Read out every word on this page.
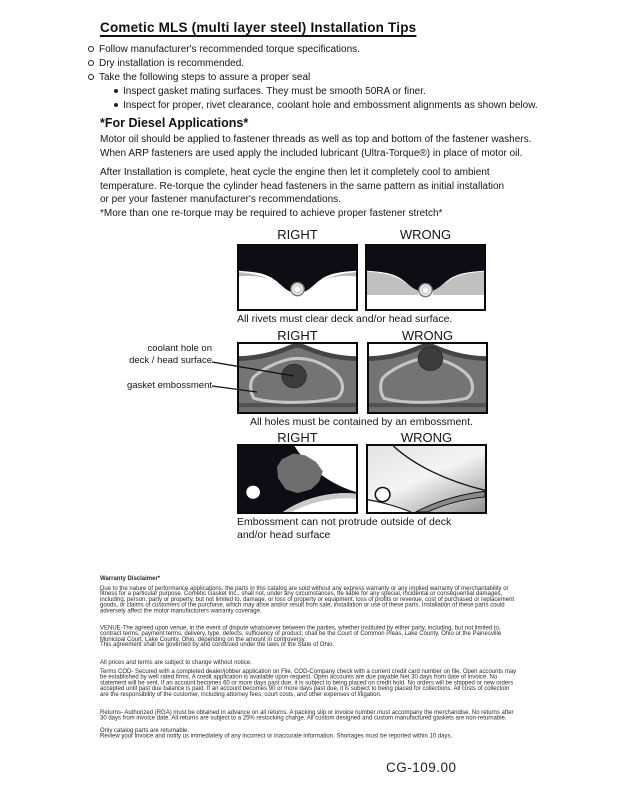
Cometic MLS (multi layer steel) Installation Tips
Follow manufacturer's recommended torque specifications.
Dry installation is recommended.
Take the following steps to assure a proper seal
Inspect gasket mating surfaces. They must be smooth 50RA or finer.
Inspect for proper, rivet clearance, coolant hole and embossment alignments as shown below.
*For Diesel Applications*
Motor oil should be applied to fastener threads as well as top and bottom of the fastener washers.
When ARP fasteners are used apply the included lubricant (Ultra-Torque®) in place of motor oil.
After Installation is complete, heat cycle the engine then let it completely cool to ambient
temperature. Re-torque the cylinder head fasteners in the same pattern as initial installation
or per your fastener manufacturer's recommendations.
*More than one re-torque may be required to achieve proper fastener stretch*
RIGHT	WRONG
All rivets must clear deck and/or head surface.
RIGHT	WRONG
coolant hole on
deck / head surface
gasket embossment
All holes must be contained by an embossment.
RIGHT	WRONG
Embossment can not protrude outside of deck
and/or head surface

Warranty Disclaimer*

Due to the nature of performance applications, the parts in this catalog are sold without any express warranty or any implied warranty of merchantability or
fitness for a particular purpose. Cometic Gasket Inc., shall not, under any circumstances, be liable for any special, incidental or consequential damages,
including, person, party or property, but not limited to, damage, or loss of property or equipment, loss of profits or revenue, cost of purchased or replacement
goods, or claims of customers of the purchase, which may arise and/or result from sale, installation or use of these parts. Installation of these parts could
adversely affect the motor manufacturers warranty coverage.

VENUE-The agreed upon venue, in the event of dispute whatsoever between the parties, whether instituted by either party, including, but not limited to,
contract terms, payment terms, delivery, type, defects, sufficiency of product, shall be the Court of Common Pleas, Lake County, Ohio or the Painesville
Municipal Court, Lake County, Ohio, depending on the amount in controversy.
This agreement shall be governed by and construed under the laws of the State of Ohio.

All prices and terms are subject to change without notice.

Terms COD- Secured with a completed dealer/jobber application on File, COD-Company check with a current credit card number on file. Open accounts may
be established by well rated firms. A credit application is available upon request. Open accounts are due payable Net 30 days from date of invoice. No
statement will be sent. If an account becomes 60 or more days past due, it is subject to being placed on credit hold. No orders will be shipped or new orders
accepted until past due balance is paid. If an account becomes 90 or more days past due, it is subject to being placed for collections. All costs of collection
are the responsibility of the customer, including attorney fees, court costs, and other expenses of litigation.

Returns- Authorized (RGA) must be obtained in advance on all returns. A packing slip or invoice number must accompany the merchandise. No returns after
30 days from invoice date. All returns are subject to a 25% restocking charge. All custom designed and custom manufactured gaskets are non-returnable.

Only catalog parts are returnable.
Review your invoice and notify us immediately of any incorrect or inaccurate information. Shortages must be reported within 10 days.

CG-109.00
